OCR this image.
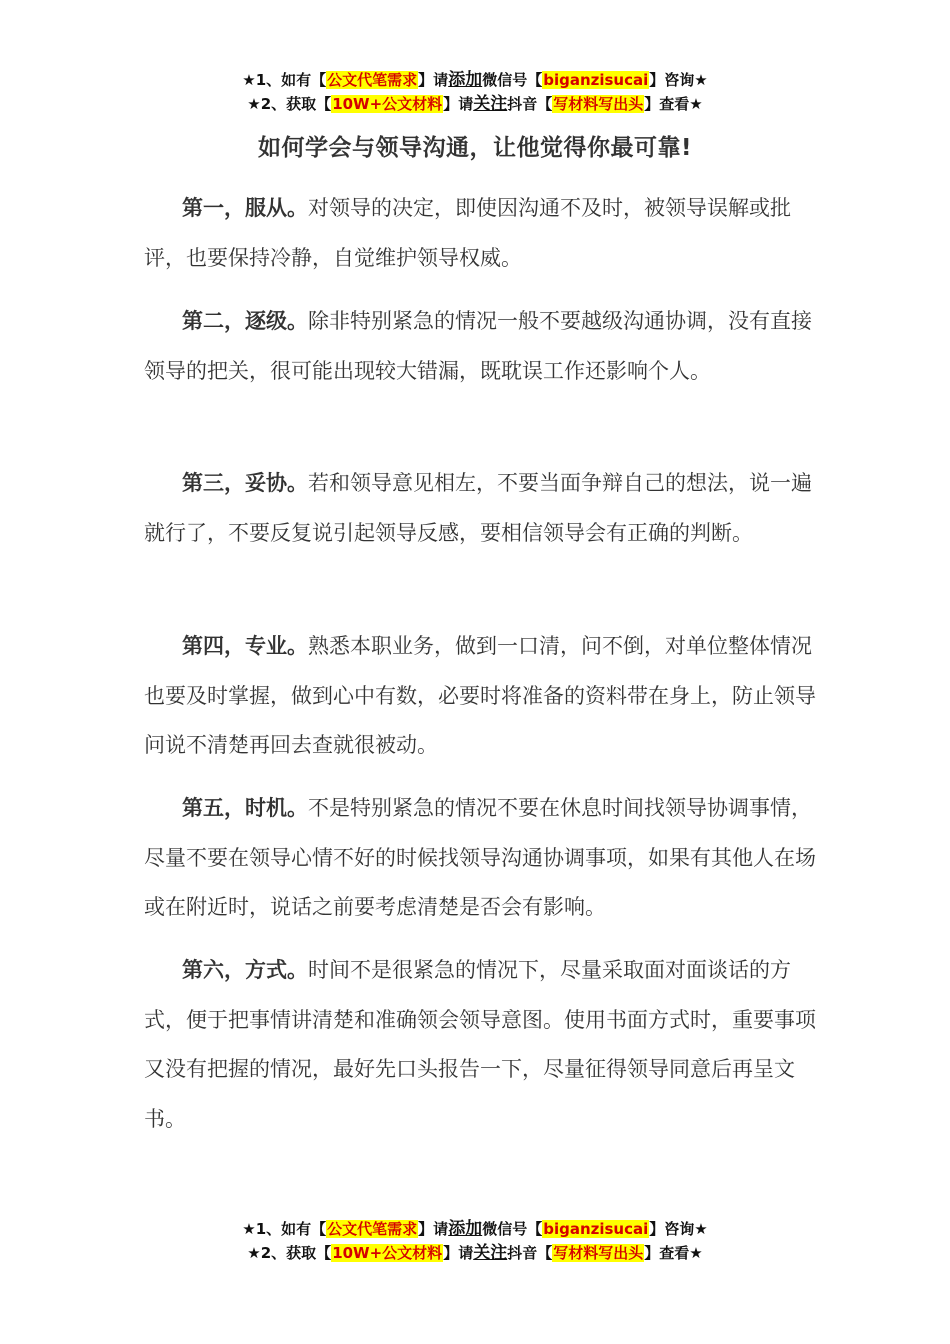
★1、如有【公文代笔需求】请添加微信号【biganzisucai】咨询★
★2、获取【10W+公文材料】请关注抖音【写材料写出头】查看★
如何学会与领导沟通，让他觉得你最可靠!

第一，服从。对领导的决定，即使因沟通不及时，被领导误解或批评，也要保持冷静，自觉维护领导权威。

第二，逐级。除非特别紧急的情况一般不要越级沟通协调，没有直接领导的把关，很可能出现较大错漏，既耽误工作还影响个人。

第三，妥协。若和领导意见相左，不要当面争辩自己的想法，说一遍就行了，不要反复说引起领导反感，要相信领导会有正确的判断。

第四，专业。熟悉本职业务，做到一口清，问不倒，对单位整体情况也要及时掌握，做到心中有数，必要时将准备的资料带在身上，防止领导问说不清楚再回去查就很被动。

第五，时机。不是特别紧急的情况不要在休息时间找领导协调事情，尽量不要在领导心情不好的时候找领导沟通协调事项，如果有其他人在场或在附近时，说话之前要考虑清楚是否会有影响。

第六，方式。时间不是很紧急的情况下，尽量采取面对面谈话的方式，便于把事情讲清楚和准确领会领导意图。使用书面方式时，重要事项又没有把握的情况，最好先口头报告一下，尽量征得领导同意后再呈文书。

★1、如有【公文代笔需求】请添加微信号【biganzisucai】咨询★
★2、获取【10W+公文材料】请关注抖音【写材料写出头】查看★
